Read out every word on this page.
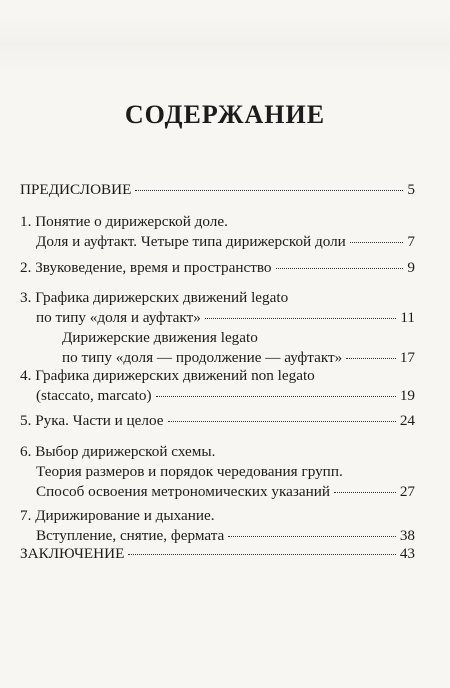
СОДЕРЖАНИЕ
ПРЕДИСЛОВИЕ	5
1. Понятие о дирижерской доле.
Доля и ауфтакт. Четыре типа дирижерской доли	7
2. Звуковедение, время и пространство	9
3. Графика дирижерских движений legato
по типу «доля и ауфтакт»	11
Дирижерские движения legato
по типу «доля — продолжение — ауфтакт»	17
4. Графика дирижерских движений non legato
(staccato, marcato)	19
5. Рука. Части и целое	24
6. Выбор дирижерской схемы.
Теория размеров и порядок чередования групп.
Способ освоения метрономических указаний	27
7. Дирижирование и дыхание.
Вступление, снятие, фермата	38
ЗАКЛЮЧЕНИЕ	43
